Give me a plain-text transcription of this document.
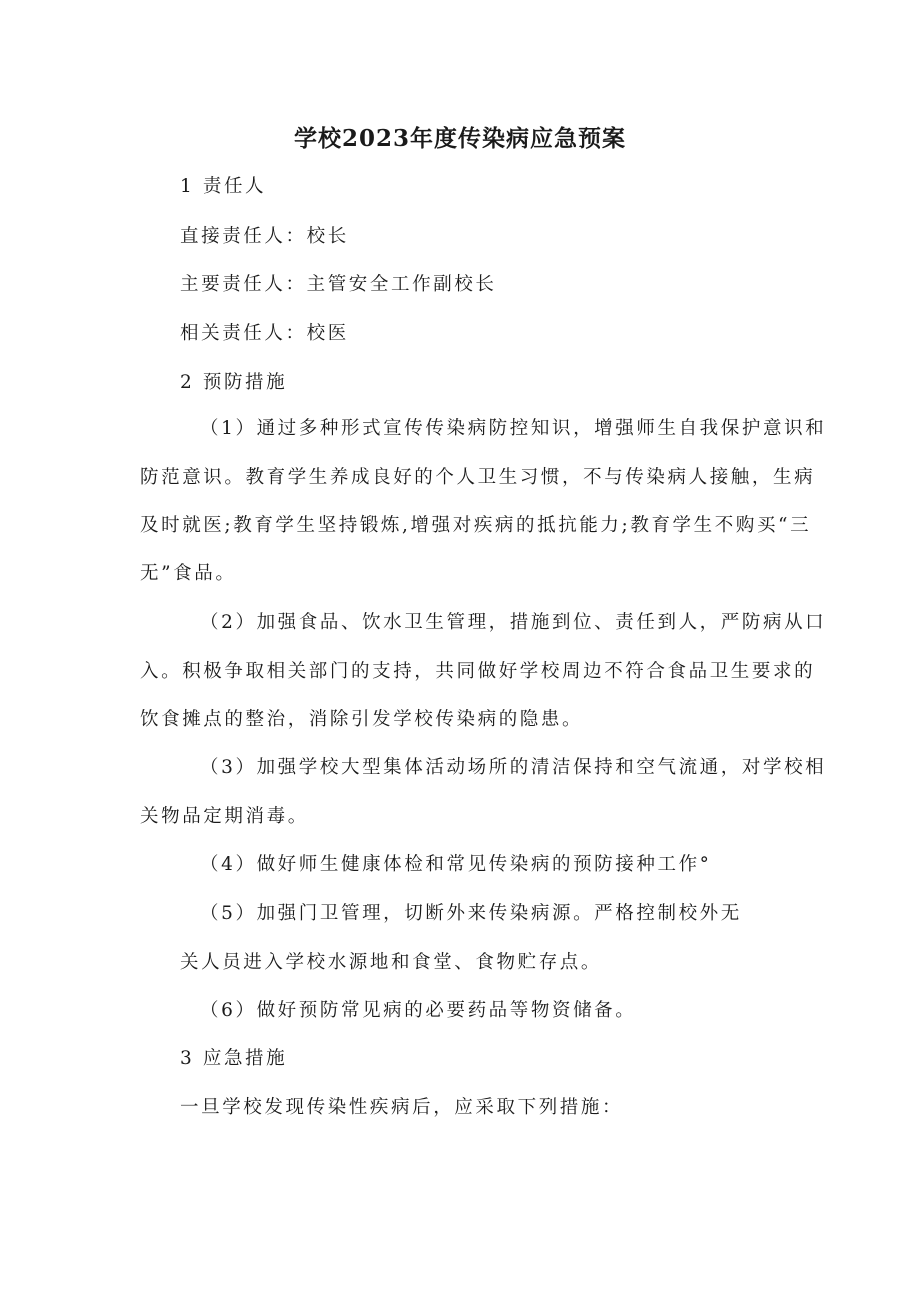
学校2023年度传染病应急预案
1 责任人
直接责任人：校长
主要责任人：主管安全工作副校长
相关责任人：校医
2 预防措施
（1）通过多种形式宣传传染病防控知识，增强师生自我保护意识和
防范意识。教育学生养成良好的个人卫生习惯，不与传染病人接触，生病
及时就医;教育学生坚持锻炼,增强对疾病的抵抗能力;教育学生不购买“三
无”食品。
（2）加强食品、饮水卫生管理，措施到位、责任到人，严防病从口
入。积极争取相关部门的支持，共同做好学校周边不符合食品卫生要求的
饮食摊点的整治，消除引发学校传染病的隐患。
（3）加强学校大型集体活动场所的清洁保持和空气流通，对学校相
关物品定期消毒。
（4）做好师生健康体检和常见传染病的预防接种工作°
（5）加强门卫管理，切断外来传染病源。严格控制校外无
关人员进入学校水源地和食堂、食物贮存点。
（6）做好预防常见病的必要药品等物资储备。
3 应急措施
一旦学校发现传染性疾病后，应采取下列措施：
